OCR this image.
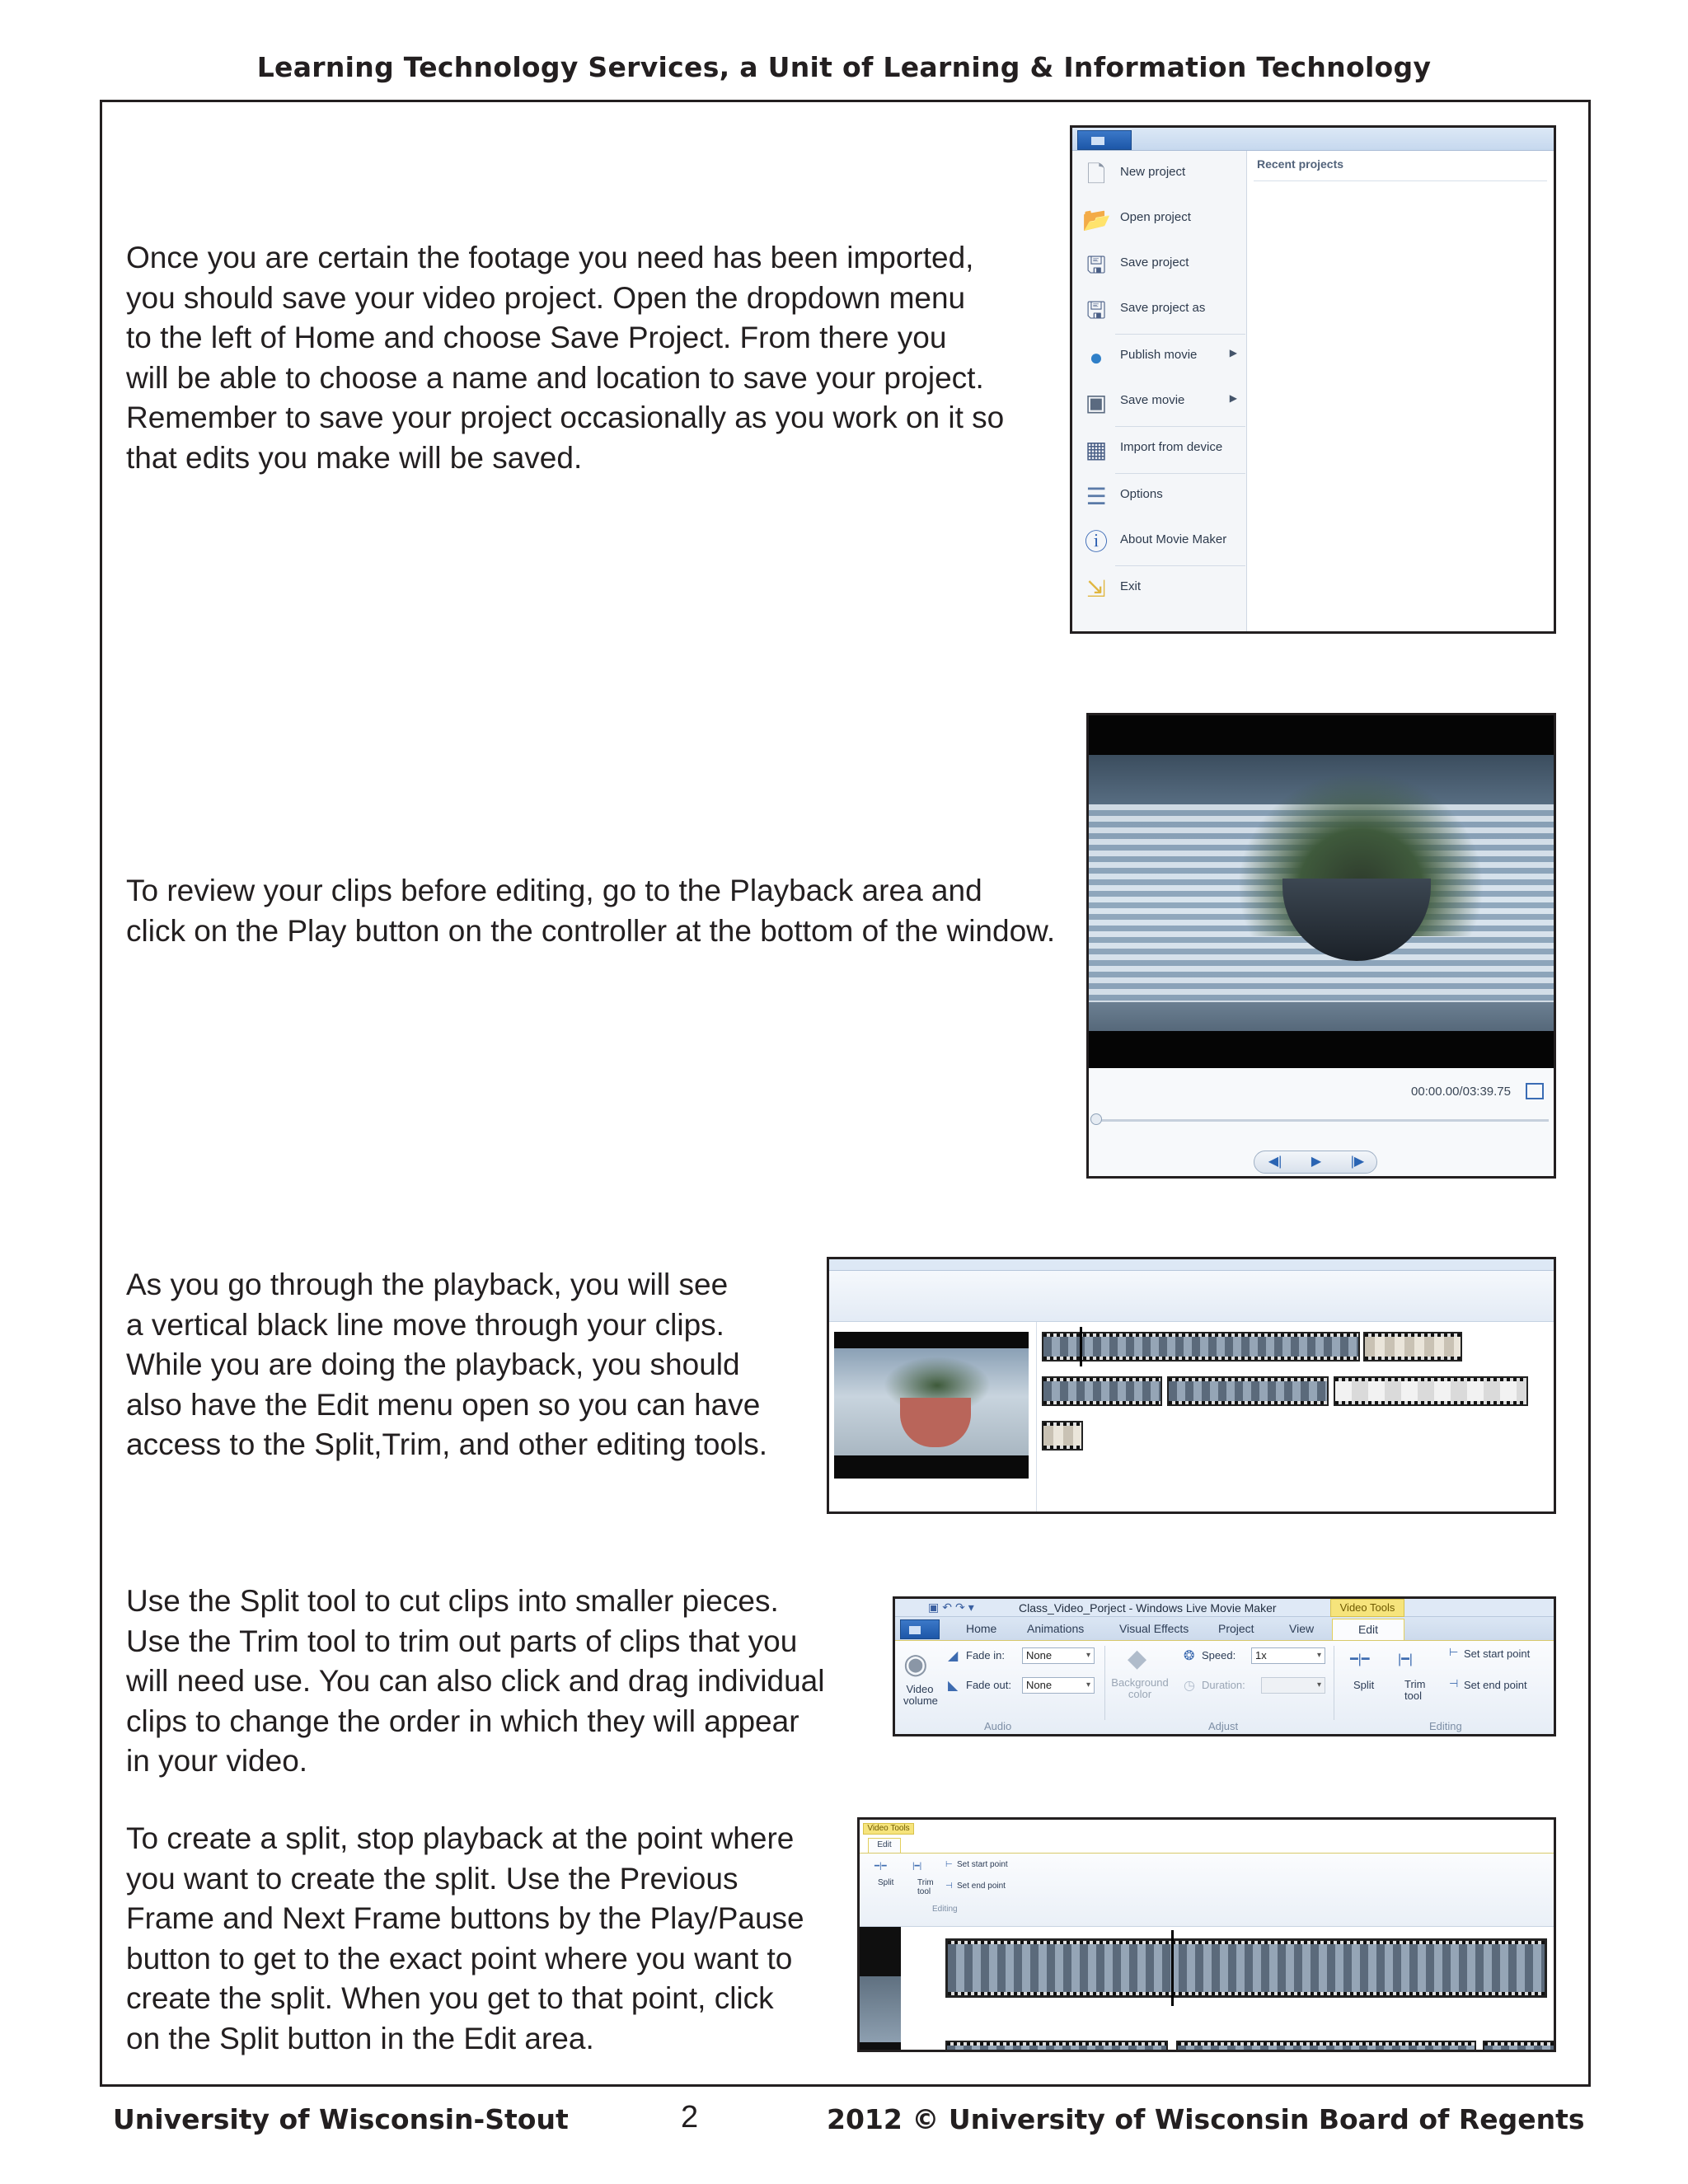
Learning Technology Services, a Unit of Learning & Information Technology
Once you are certain the footage you need has been imported,
you should save your video project. Open the dropdown menu
to the left of Home and choose Save Project. From there you
will be able to choose a name and location to save your project.
Remember to save your project occasionally as you work on it so
that edits you make will be saved.
🗋	New project
📂 Open project
🖫	Save project
🖫	Save project as
●	Publish movie	▶
▣ Save movie	▶
▦ Import from device
☰ Options
ⓘ About Movie Maker
⇲	Exit
Recent projects
To review your clips before editing, go to the Playback area and
click on the Play button on the controller at the bottom of the window.
00:00.00/03:39.75
◀|	▶	|▶
As you go through the playback, you will see
a vertical black line move through your clips.
While you are doing the playback, you should
also have the Edit menu open so you can have
access to the Split,Trim, and other editing tools.
Use the Split tool to cut clips into smaller pieces.
Use the Trim tool to trim out parts of clips that you
will need use. You can also click and drag individual
clips to change the order in which they will appear
in your video.
▣↶↷▾	Class_Video_Porject - Windows Live Movie Maker	Video Tools
Home	Animations	Visual Effects	Project	View	Edit
◉
Video volume
◢ Fade in:	None ▾
◣ Fade out:	None ▾
Audio
◆
Background color
❂ Speed:	1x ▾
◷ Duration:
▾
Adjust
━|━
Split
|━|
Trim tool
⊢ Set start point
⊣ Set end point
Editing
To create a split, stop playback at the point where
you want to create the split. Use the Previous
Frame and Next Frame buttons by the Play/Pause
button to get to the exact point where you want to
create the split. When you get to that point, click
on the Split button in the Edit area.
Video Tools
Edit
━|━
Split
|━|
Trim tool
⊢ Set start point
⊣ Set end point
Editing
University of Wisconsin-Stout	2	2012 © University of Wisconsin Board of Regents
